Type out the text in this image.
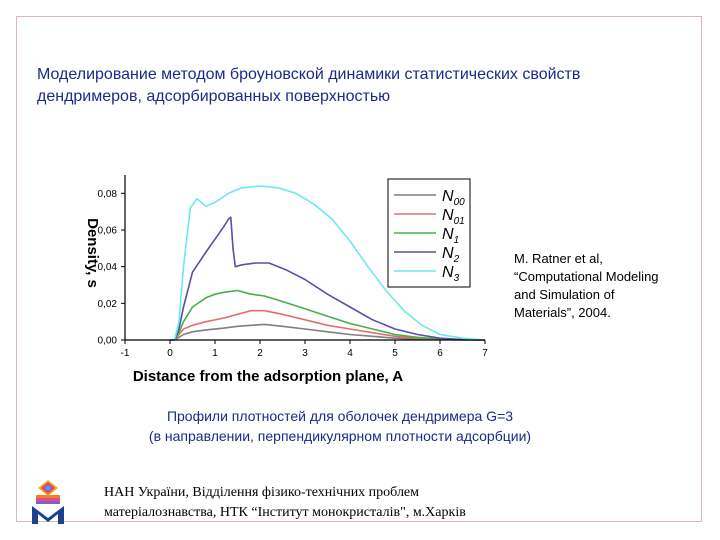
Моделирование методом броуновской динамики статистических свойств
дендримеров, адсорбированных поверхностью
-1	0	1	2	3	4	5	6	7
0,00
0,02
0,04
0,06
0,08	$N_{00}$
$N_{01}$
$N_1$
$N_2$
$N_3$
Distance from the adsorption plane, A
Density, s	M. Ratner et al,
“Computational Modeling
and Simulation of
Materials”, 2004.
Профили плотностей для оболочек дендримера G=3
(в направлении, перпендикулярном плотности адсорбции)
НАН України, Відділення фізико-технічних проблем
матеріалознавства, НТК “Інститут монокристалів", м.Харків
